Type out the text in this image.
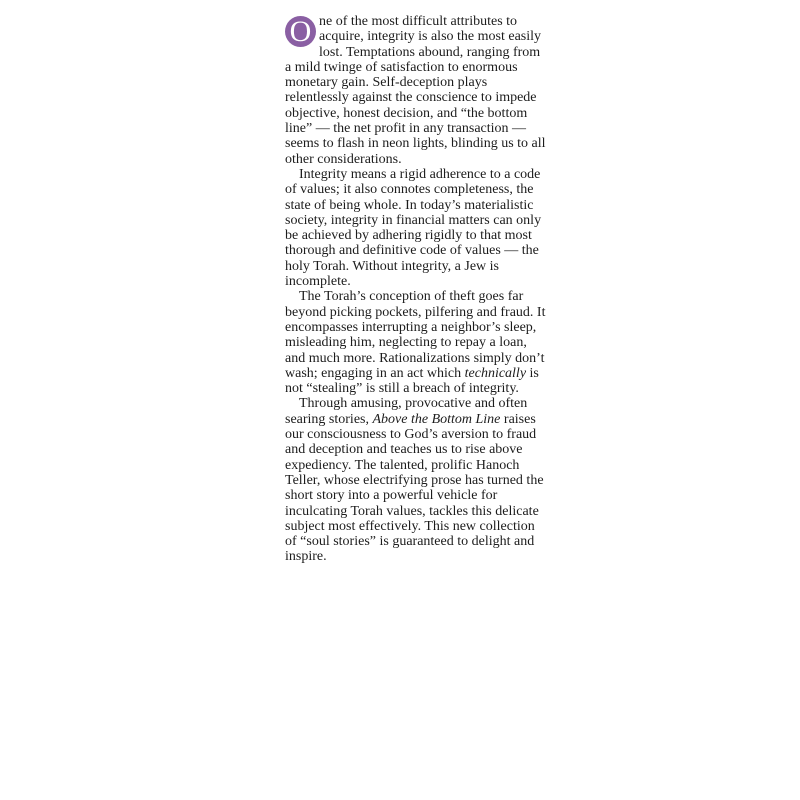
O ne of the most difficult attributes to acquire, integrity is also the most easily lost. Temptations abound, ranging from a mild twinge of satisfaction to enormous monetary gain. Self-deception plays relentlessly against the conscience to impede objective, honest decision, and “the bottom line” — the net profit in any transaction — seems to flash in neon lights, blinding us to all other considerations.

Integrity means a rigid adherence to a code of values; it also connotes completeness, the state of being whole. In today’s materialistic society, integrity in financial matters can only be achieved by adhering rigidly to that most thorough and definitive code of values — the holy Torah. Without integrity, a Jew is incomplete.

The Torah’s conception of theft goes far beyond picking pockets, pilfering and fraud. It encompasses interrupting a neighbor’s sleep, misleading him, neglecting to repay a loan, and much more. Rationalizations simply don’t wash; engaging in an act which technically is not “stealing” is still a breach of integrity.

Through amusing, provocative and often searing stories, Above the Bottom Line raises our consciousness to God’s aversion to fraud and deception and teaches us to rise above expediency. The talented, prolific Hanoch Teller, whose electrifying prose has turned the short story into a powerful vehicle for inculcating Torah values, tackles this delicate subject most effectively. This new collection of “soul stories” is guaranteed to delight and inspire.
